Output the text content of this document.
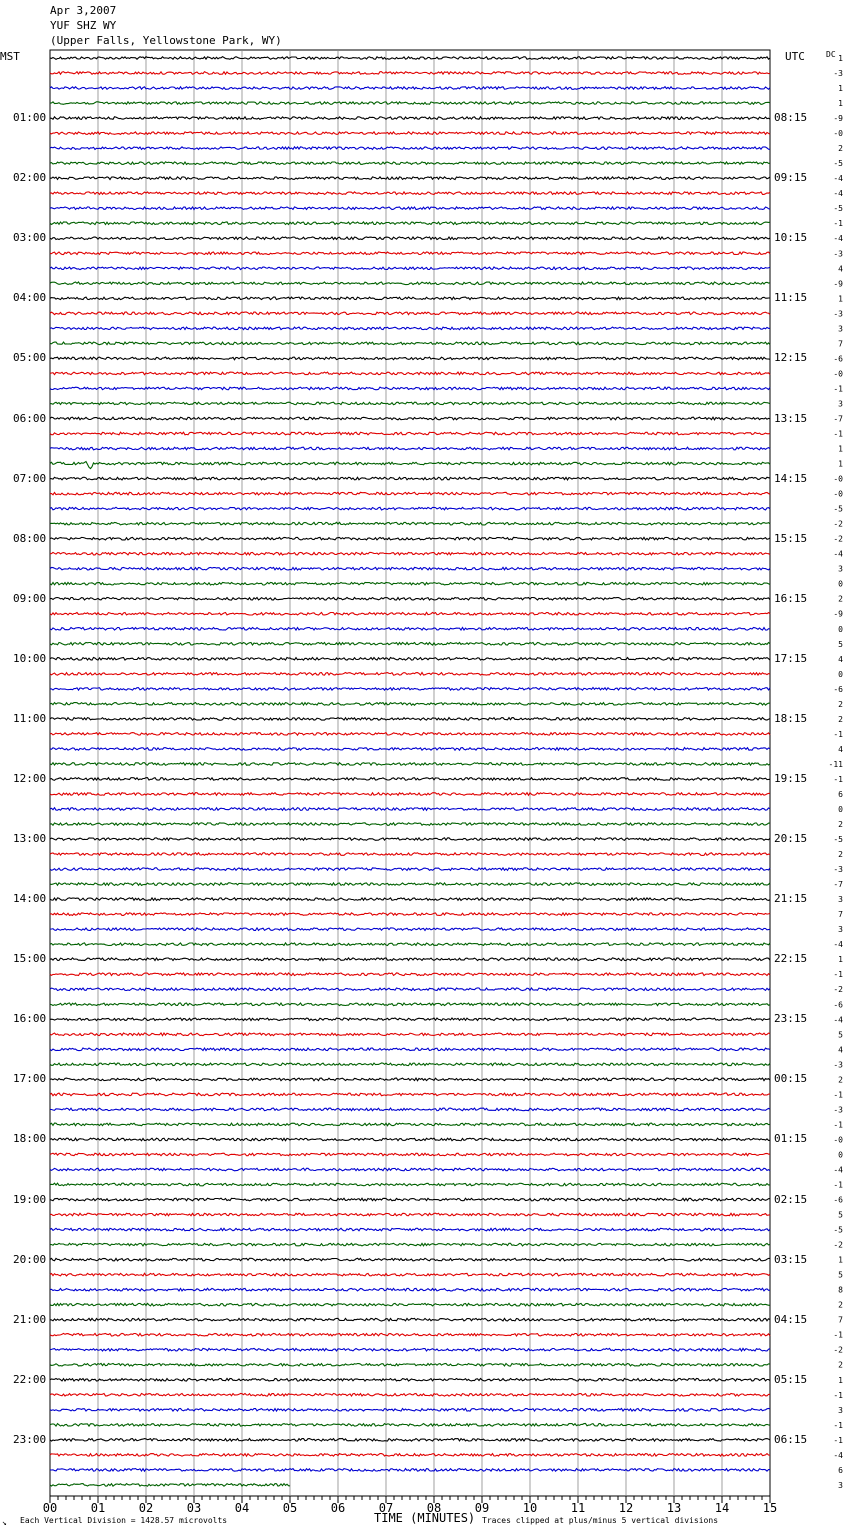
00	01	02	03	04	05	06	07	08	09	10	11	12	13	14	15
1
-3
1
1
-9
-0
2
-5
-4
-4
-5
-1
-4
-3
4
-9
1
-3
3
7
-6
-0
-1
3
-7
-1
1
1
-0
-0
-5
-2
-2
-4
3
0
2
-9
0
5
4
0
-6
2
2
-1
4
-11
-1
6
0
2
-5
2
-3
-7
3
7
3
-4
1
-1
-2
-6
-4
5
4
-3
2
-1
-3
-1
-0
0
-4
-1
-6
5
-5
-2
1
5
8
2
7
-1
-2
2
1
-1
3
-1
-1
-4
6
3
Apr 3,2007
YUF SHZ WY
(Upper Falls, Yellowstone Park, WY)
MST	UTC	DC
01:00	08:15
02:00	09:15
03:00	10:15
04:00	11:15
05:00	12:15
06:00	13:15
07:00	14:15
08:00	15:15
09:00	16:15
10:00	17:15
11:00	18:15
12:00	19:15
13:00	20:15
14:00	21:15
15:00	22:15
16:00	23:15
17:00	00:15
18:00	01:15
19:00	02:15
20:00	03:15
21:00	04:15
22:00	05:15
23:00	06:15
TIME (MINUTES)
Each Vertical Division = 1428.57 microvolts	Traces clipped at plus/minus 5 vertical divisions
↘
